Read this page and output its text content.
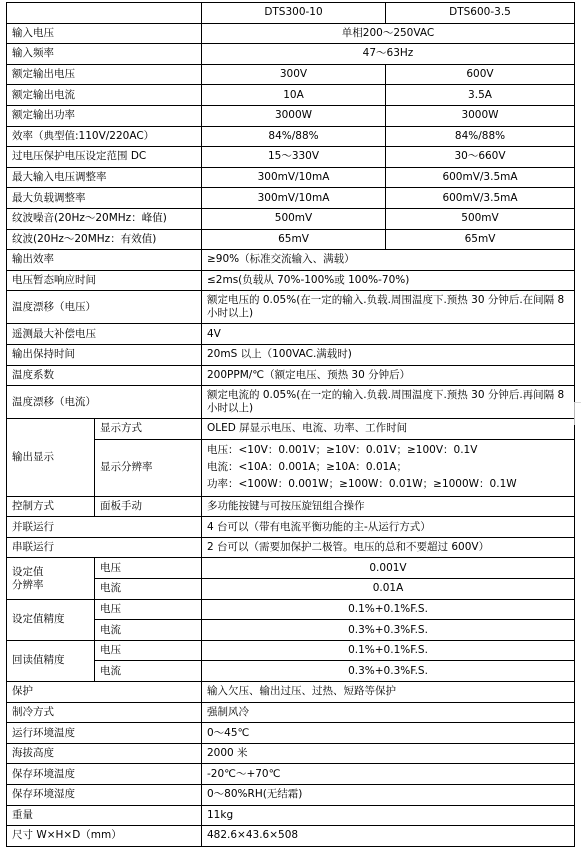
		DTS300-10	DTS600-3.5
输入电压		单相200～250VAC	
输入频率		47～63Hz	
额定输出电压		300V	600V
额定输出电流		10A	3.5A
额定输出功率		3000W	3000W
效率（典型值:110V/220AC）		84%/88%	84%/88%
过电压保护电压设定范围 DC		15～330V	30～660V
最大输入电压调整率		300mV/10mA	600mV/3.5mA
最大负载调整率		300mV/10mA	600mV/3.5mA
纹波噪音(20Hz～20MHz：峰值)		500mV	500mV
纹波(20Hz～20MHz：有效值)		65mV	65mV
输出效率		≥90%（标准交流输入、满载）	
电压暂态响应时间		≤2ms(负载从 70%-100%或 100%-70%)	
温度漂移（电压）		额定电压的 0.05%(在一定的输入.负载.周围温度下.预热 30 分钟后.在间隔 8 小时以上)	
遥测最大补偿电压		4V	
输出保持时间		20mS 以上（100VAC.满载时)	
温度系数		200PPM/℃（额定电压、预热 30 分钟后）	
温度漂移（电流）		额定电流的 0.05%(在一定的输入.负载.周围温度下.预热 30 分钟后.再间隔 8 小时以上)	
输出显示	显示方式	OLED 屏显示电压、电流、功率、工作时间	
	显示分辨率	电压：<10V：0.001V；≥10V：0.01V；≥100V：0.1V
电流：<10A：0.001A；≥10A：0.01A；
功率：<100W：0.001W；≥100W：0.01W；≥1000W：0.1W	

控制方式	面板手动	多功能按键与可按压旋钮组合操作	
并联运行		4 台可以（带有电流平衡功能的主-从运行方式）	
串联运行		2 台可以（需要加保护二极管。电压的总和不要超过 600V）	
设定值
分辨率	电压	0.001V	
	电流	0.01A	
设定值精度	电压	0.1%+0.1%F.S.	
	电流	0.3%+0.3%F.S.	
回读值精度	电压	0.1%+0.1%F.S.	
	电流	0.3%+0.3%F.S.	
保护		输入欠压、输出过压、过热、短路等保护	
制冷方式		强制风冷	
运行环境温度		0～45℃	
海拔高度		2000 米	
保存环境温度		-20℃～+70℃	
保存环境湿度		0～80%RH(无结霜)	
重量		11kg	
尺寸 W×H×D（mm）		482.6×43.6×508	
